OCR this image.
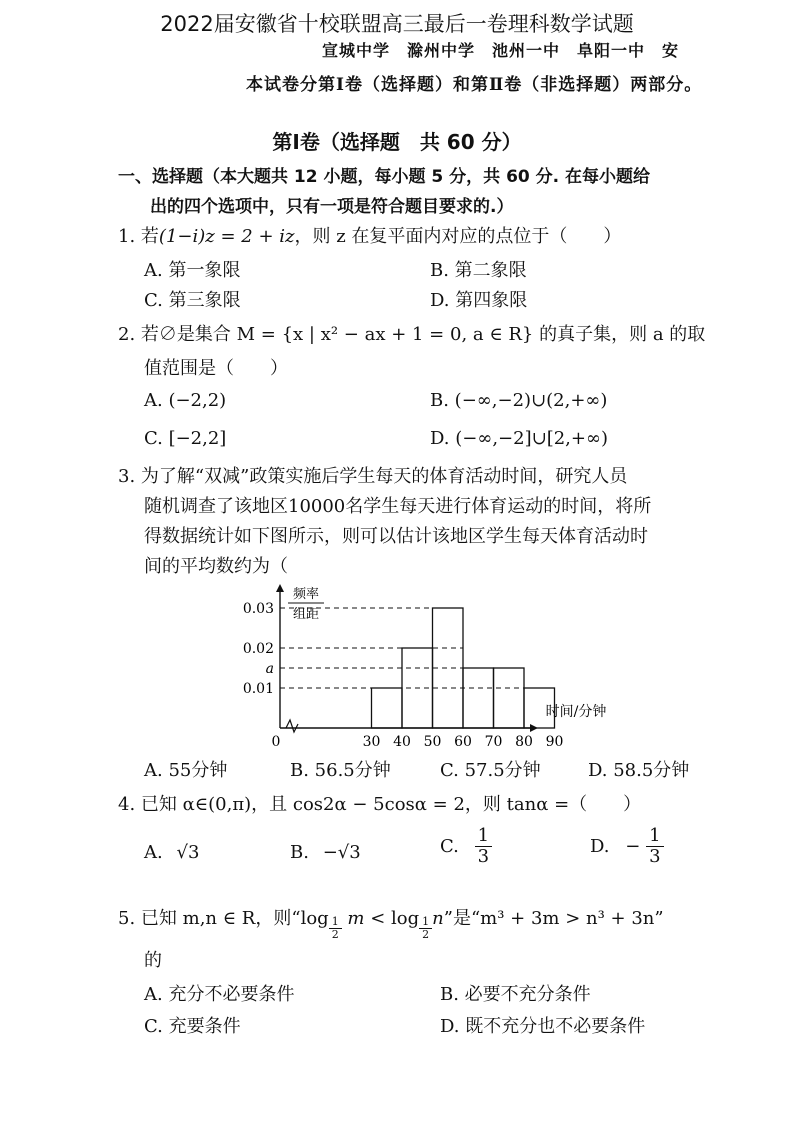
2022届安徽省十校联盟高三最后一卷理科数学试题
宣城中学　滁州中学　池州一中　阜阳一中　安
本试卷分第Ⅰ卷（选择题）和第Ⅱ卷（非选择题）两部分。
第Ⅰ卷（选择题　共 60 分）
一、选择题（本大题共 12 小题，每小题 5 分，共 60 分. 在每小题给
出的四个选项中，只有一项是符合题目要求的.）
1. 若(1−i)z = 2 + iz，则 z 在复平面内对应的点位于（　　）
A. 第一象限	B. 第二象限
C. 第三象限	D. 第四象限
2. 若∅是集合 M = {x | x² − ax + 1 = 0, a ∈ R} 的真子集，则 a 的取
值范围是（　　）
A. (−2,2)	B. (−∞,−2)∪(2,+∞)
C. [−2,2]	D. (−∞,−2]∪[2,+∞)
3. 为了解“双减”政策实施后学生每天的体育活动时间，研究人员
随机调查了该地区10000名学生每天进行体育运动的时间，将所
得数据统计如下图所示，则可以估计该地区学生每天体育活动时
间的平均数约为（
0.01
a
0.02
0.03
30 40 50 60 70 80 90
0
频率
组距
时间/分钟
A. 55分钟	B. 56.5分钟	C. 57.5分钟	D. 58.5分钟
4. 已知 α∈(0,π)，且 cos2α − 5cosα = 2，则 tanα =（　　）
A. √3	B. −√3	C. $\frac{1}{3}$	D. − $\frac{1}{3}$
5. 已知 m,n ∈ R，则“$\log \frac{1}{2}$ $m < \log \frac{1}{2} n$”是“m³ + 3m > n³ + 3n”
的
A. 充分不必要条件	B. 必要不充分条件
C. 充要条件	D. 既不充分也不必要条件
